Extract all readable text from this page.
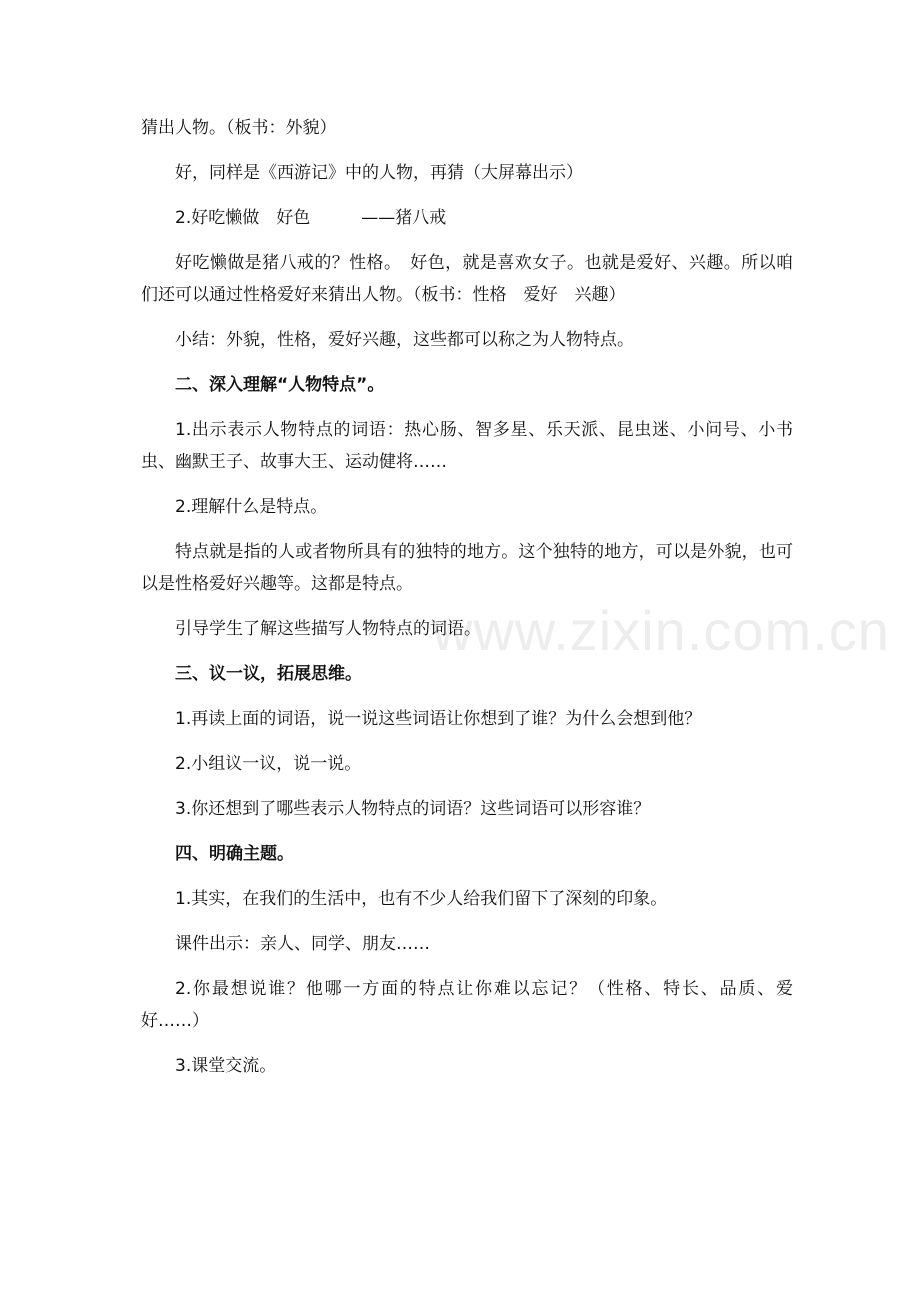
www.zixin.com.cn

猜出人物。（板书：外貌）

好，同样是《西游记》中的人物，再猜（大屏幕出示）

2.好吃懒做　好色　　　——猪八戒

好吃懒做是猪八戒的？性格。　好色，就是喜欢女子。也就是爱好、兴趣。所以咱们还可以通过性格爱好来猜出人物。（板书：性格　爱好　兴趣）

小结：外貌，性格，爱好兴趣，这些都可以称之为人物特点。

二、深入理解“人物特点”。

1.出示表示人物特点的词语：热心肠、智多星、乐天派、昆虫迷、小问号、小书虫、幽默王子、故事大王、运动健将……

2.理解什么是特点。

特点就是指的人或者物所具有的独特的地方。这个独特的地方，可以是外貌，也可以是性格爱好兴趣等。这都是特点。

引导学生了解这些描写人物特点的词语。

三、议一议，拓展思维。

1.再读上面的词语，说一说这些词语让你想到了谁？为什么会想到他？

2.小组议一议，说一说。

3.你还想到了哪些表示人物特点的词语？这些词语可以形容谁？

四、明确主题。

1.其实，在我们的生活中，也有不少人给我们留下了深刻的印象。

课件出示：亲人、同学、朋友……

2.你最想说谁？他哪一方面的特点让你难以忘记？（性格、特长、品质、爱好……）

3.课堂交流。
